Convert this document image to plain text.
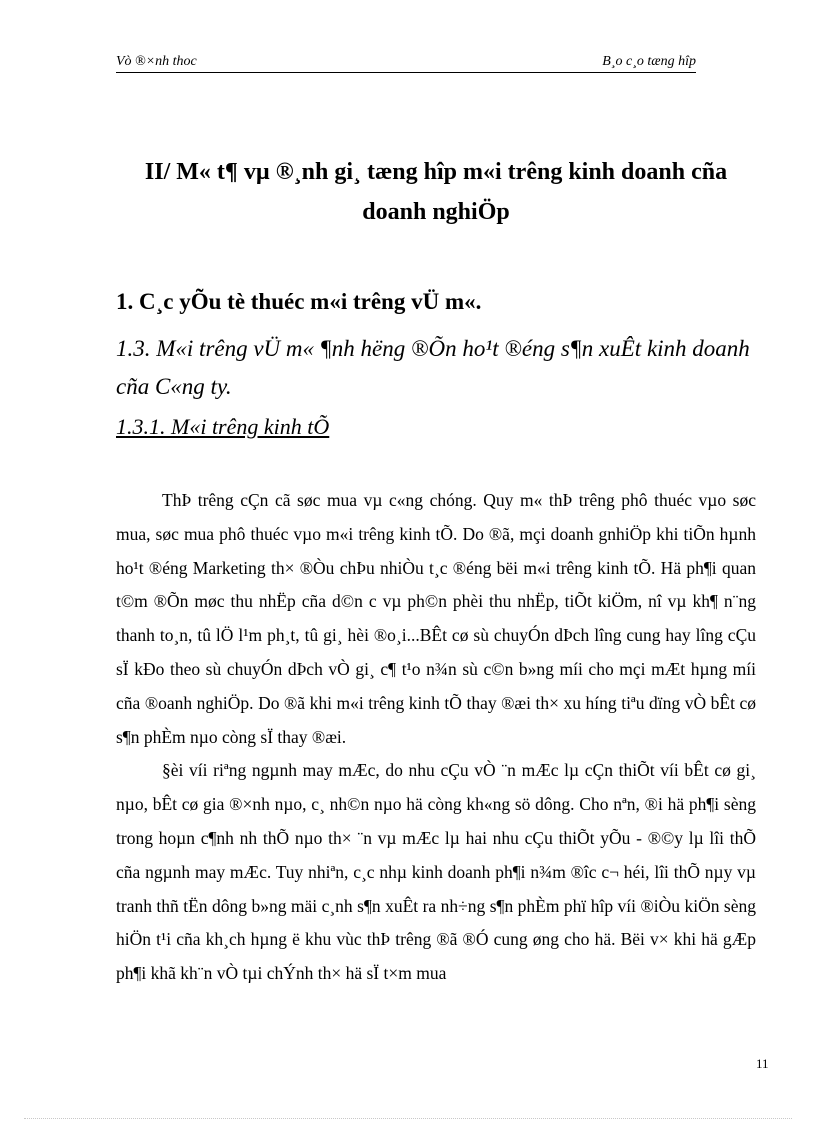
Vò ®×nh thoc	B¸o c¸o tæng hîp
II/ M« t¶ vµ ®¸nh gi¸ tæng hîp m«i trêng kinh doanh cña
doanh nghiÖp
1. C¸c yÕu tè thuéc m«i trêng vÜ m«.
1.3. M«i trêng vÜ m« ¶nh hëng ®Õn ho¹t ®éng s¶n xuÊt kinh doanh cña C«ng ty.
1.3.1. M«i trêng kinh tÕ

ThÞ trêng cÇn cã søc mua vµ c«ng chóng. Quy m« thÞ trêng phô thuéc vµo søc mua, søc mua phô thuéc vµo m«i trêng kinh tÕ. Do ®ã, mçi doanh gnhiÖp khi tiÕn hµnh ho¹t ®éng Marketing th× ®Òu chÞu nhiÒu t¸c ®éng bëi m«i trêng kinh tÕ. Hä ph¶i quan t©m ®Õn møc thu nhËp cña d©n c vµ ph©n phèi thu nhËp, tiÕt kiÖm, nî vµ kh¶ n¨ng thanh to¸n, tû lÖ l¹m ph¸t, tû gi¸ hèi ®o¸i...BÊt cø sù chuyÓn dÞch lîng cung hay lîng cÇu sÏ kÐo theo sù chuyÓn dÞch vÒ gi¸ c¶ t¹o n¾n sù c©n b»ng míi cho mçi mÆt hµng míi cña ®oanh nghiÖp. Do ®ã khi m«i trêng kinh tÕ thay ®æi th× xu híng tiªu dïng vÒ bÊt cø s¶n phÈm nµo còng sÏ thay ®æi.

§èi víi riªng ngµnh may mÆc, do nhu cÇu vÒ ¨n mÆc lµ cÇn thiÕt víi bÊt cø gi¸ nµo, bÊt cø gia ®×nh nµo, c¸ nh©n nµo hä còng kh«ng sö dông. Cho nªn, ®i hä ph¶i sèng trong hoµn c¶nh nh thÕ nµo th× ¨n vµ mÆc lµ hai nhu cÇu thiÕt yÕu - ®©y lµ lîi thÕ cña ngµnh may mÆc. Tuy nhiªn, c¸c nhµ kinh doanh ph¶i n¾m ®îc c¬ héi, lîi thÕ nµy vµ tranh thñ tËn dông b»ng mäi c¸nh s¶n xuÊt ra nh÷ng s¶n phÈm phï hîp víi ®iÒu kiÖn sèng hiÖn t¹i cña kh¸ch hµng ë khu vùc thÞ trêng ®ã ®Ó cung øng cho hä. Bëi v× khi hä gÆp ph¶i khã kh¨n vÒ tµi chÝnh th× hä sÏ t×m mua

11
